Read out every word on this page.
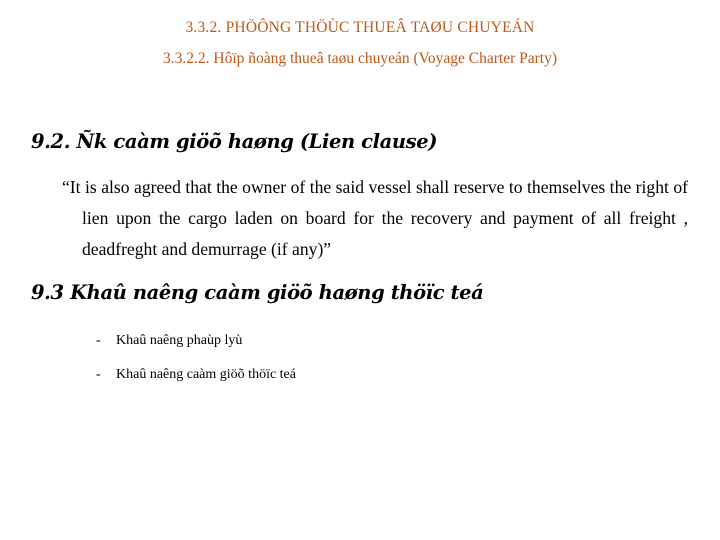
3.3.2. PHÖÔNG THÖÙC THUEÂ TAØU CHUYEÁN
3.3.2.2. Hôïp ñoàng thueâ taøu chuyeán (Voyage Charter Party)
9.2. Ñk caàm giöõ haøng (Lien clause)
“It is also agreed that the owner of the said vessel shall reserve to themselves the right of lien upon the cargo laden on board for the recovery and payment of all freight , deadfreght and demurrage (if any)”
9.3 Khaû naêng caàm giöõ haøng thöïc teá
- Khaû naêng phaùp lyù
- Khaû naêng caàm giöõ thöïc teá
